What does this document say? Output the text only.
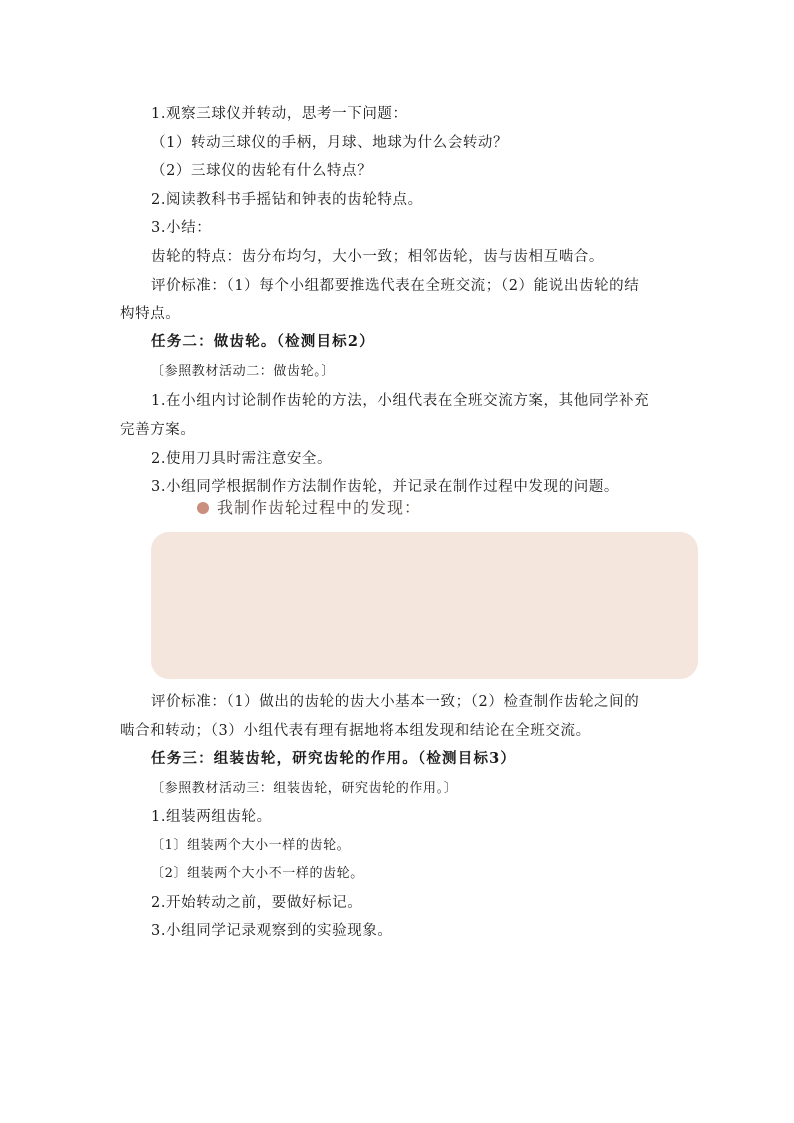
1.观察三球仪并转动，思考一下问题：
（1）转动三球仪的手柄，月球、地球为什么会转动？
（2）三球仪的齿轮有什么特点？
2.阅读教科书手摇钻和钟表的齿轮特点。
3.小结：
齿轮的特点：齿分布均匀，大小一致；相邻齿轮，齿与齿相互啮合。
评价标准：（1）每个小组都要推选代表在全班交流；（2）能说出齿轮的结
构特点。
任务二：做齿轮。（检测目标2）
〔参照教材活动二：做齿轮。〕
1.在小组内讨论制作齿轮的方法，小组代表在全班交流方案，其他同学补充
完善方案。
2.使用刀具时需注意安全。
3.小组同学根据制作方法制作齿轮，并记录在制作过程中发现的问题。
我制作齿轮过程中的发现：
评价标准：（1）做出的齿轮的齿大小基本一致；（2）检查制作齿轮之间的
啮合和转动；（3）小组代表有理有据地将本组发现和结论在全班交流。
任务三：组装齿轮，研究齿轮的作用。（检测目标3）
〔参照教材活动三：组装齿轮，研究齿轮的作用。〕
1.组装两组齿轮。
〔1〕组装两个大小一样的齿轮。
〔2〕组装两个大小不一样的齿轮。
2.开始转动之前，要做好标记。
3.小组同学记录观察到的实验现象。
